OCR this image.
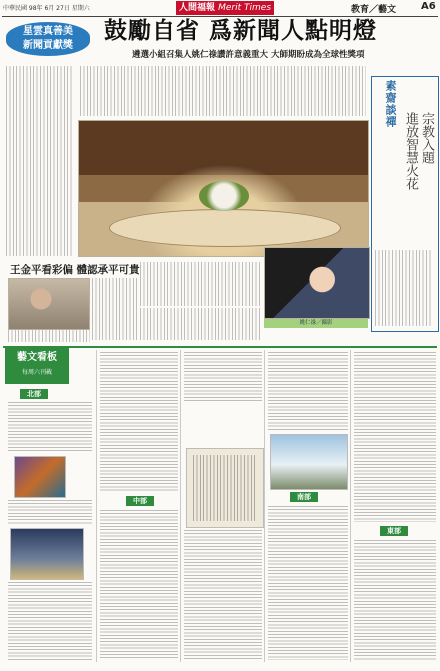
中華民國 98年 6月 27日 星期六	人間福報 Merit Times	教育／藝文 A6
星雲真善美
新聞貢獻獎
鼓勵自省 爲新聞人點明燈
遴選小組召集人姚仁祿讚許意義重大 大師期盼成為全球性獎項
姚仁祿／攝影
王金平看彩偏 體認承平可貴
素齋談禪
宗教入題
進放智慧火花
藝文看板
每周六刊載
北部
中部	南部
東部
